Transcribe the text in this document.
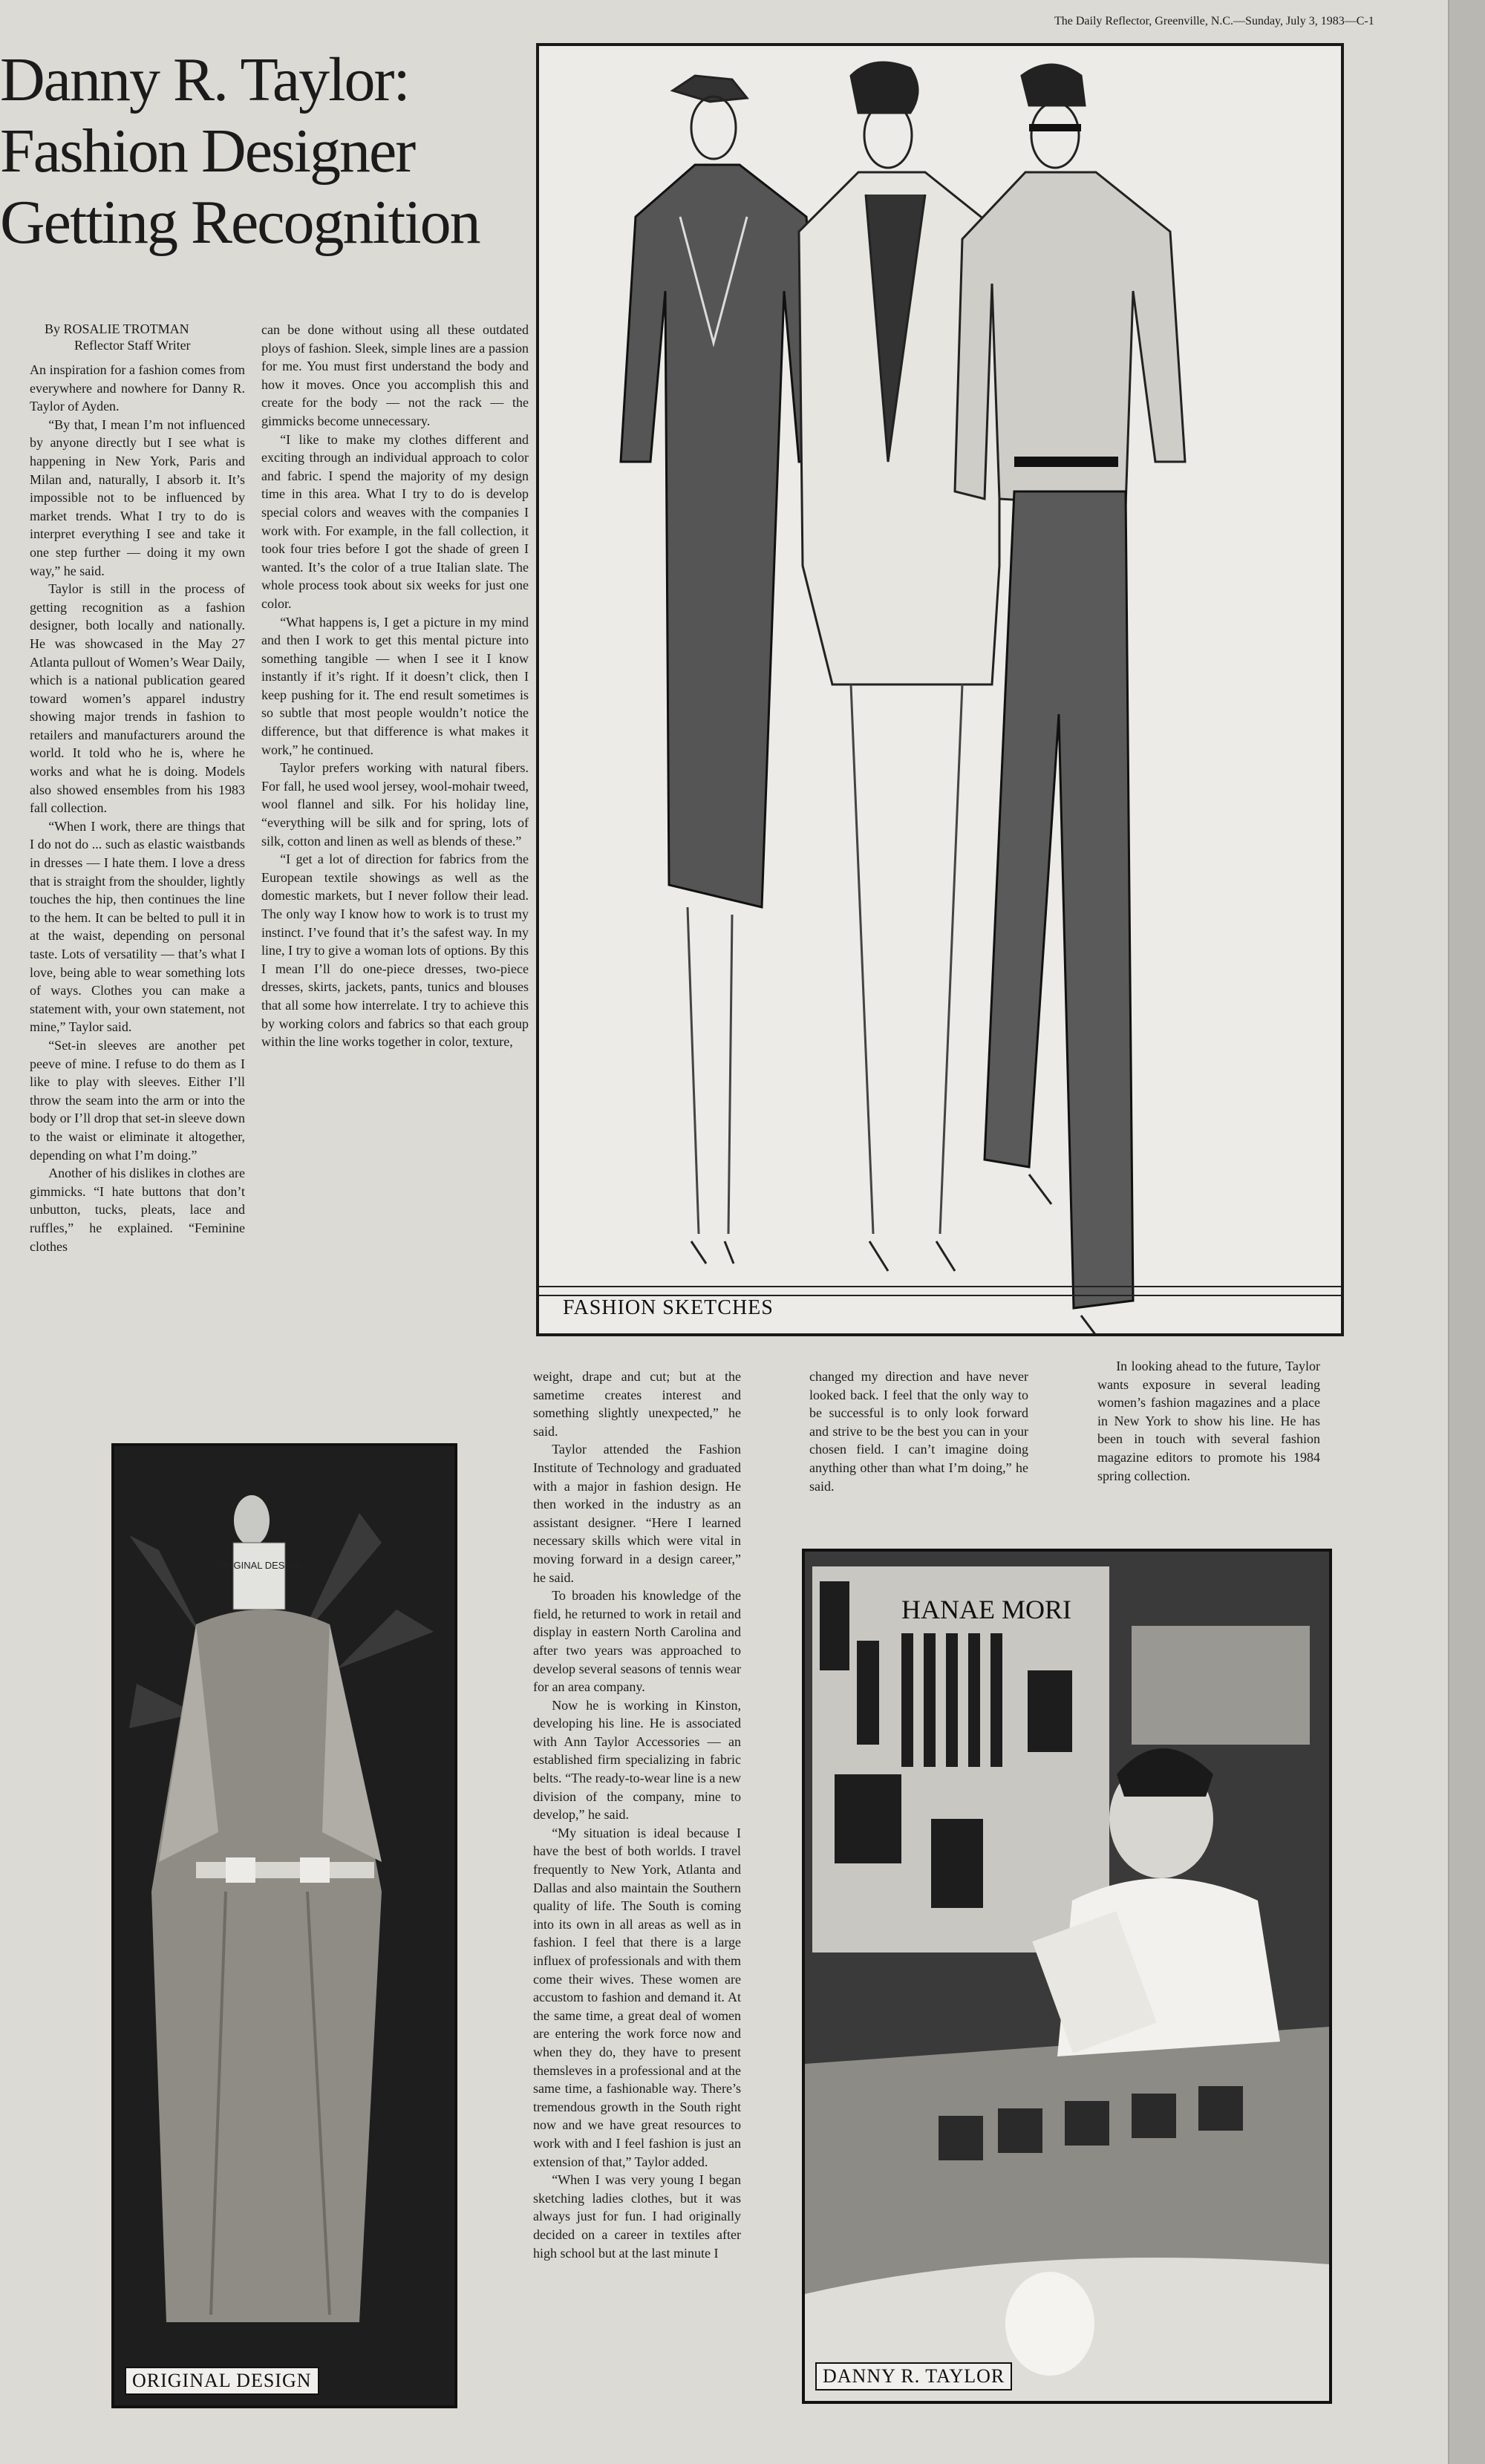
The Daily Reflector, Greenville, N.C.—Sunday, July 3, 1983—C-1
Danny R. Taylor:
Fashion Designer
Getting Recognition
By ROSALIE TROTMAN
Reflector Staff Writer

An inspiration for a fashion comes from everywhere and nowhere for Danny R. Taylor of Ayden.

“By that, I mean I’m not influenced by anyone directly but I see what is happening in New York, Paris and Milan and, naturally, I absorb it. It’s impossible not to be influenced by market trends. What I try to do is interpret everything I see and take it one step further — doing it my own way,” he said.

Taylor is still in the process of getting recognition as a fashion designer, both locally and nationally. He was showcased in the May 27 Atlanta pullout of Women’s Wear Daily, which is a national publication geared toward women’s apparel industry showing major trends in fashion to retailers and manufacturers around the world. It told who he is, where he works and what he is doing. Models also showed ensembles from his 1983 fall collection.

“When I work, there are things that I do not do ... such as elastic waistbands in dresses — I hate them. I love a dress that is straight from the shoulder, lightly touches the hip, then continues the line to the hem. It can be belted to pull it in at the waist, depending on personal taste. Lots of versatility — that’s what I love, being able to wear something lots of ways. Clothes you can make a statement with, your own statement, not mine,” Taylor said.

“Set-in sleeves are another pet peeve of mine. I refuse to do them as I like to play with sleeves. Either I’ll throw the seam into the arm or into the body or I’ll drop that set-in sleeve down to the waist or eliminate it altogether, depending on what I’m doing.”

Another of his dislikes in clothes are gimmicks. “I hate buttons that don’t unbutton, tucks, pleats, lace and ruffles,” he explained. “Feminine clothes

can be done without using all these outdated ploys of fashion. Sleek, simple lines are a passion for me. You must first understand the body and how it moves. Once you accomplish this and create for the body — not the rack — the gimmicks become unnecessary.

“I like to make my clothes different and exciting through an individual approach to color and fabric. I spend the majority of my design time in this area. What I try to do is develop special colors and weaves with the companies I work with. For example, in the fall collection, it took four tries before I got the shade of green I wanted. It’s the color of a true Italian slate. The whole process took about six weeks for just one color.

“What happens is, I get a picture in my mind and then I work to get this mental picture into something tangible — when I see it I know instantly if it’s right. If it doesn’t click, then I keep pushing for it. The end result sometimes is so subtle that most people wouldn’t notice the difference, but that difference is what makes it work,” he continued.

Taylor prefers working with natural fibers. For fall, he used wool jersey, wool-mohair tweed, wool flannel and silk. For his holiday line, “everything will be silk and for spring, lots of silk, cotton and linen as well as blends of these.”

“I get a lot of direction for fabrics from the European textile showings as well as the domestic markets, but I never follow their lead. The only way I know how to work is to trust my instinct. I’ve found that it’s the safest way. In my line, I try to give a woman lots of options. By this I mean I’ll do one-piece dresses, two-piece dresses, skirts, jackets, pants, tunics and blouses that all some how interrelate. I try to achieve this by working colors and fabrics so that each group within the line works together in color, texture,

weight, drape and cut; but at the sametime creates interest and something slightly unexpected,” he said.

Taylor attended the Fashion Institute of Technology and graduated with a major in fashion design. He then worked in the industry as an assistant designer. “Here I learned necessary skills which were vital in moving forward in a design career,” he said.

To broaden his knowledge of the field, he returned to work in retail and display in eastern North Carolina and after two years was approached to develop several seasons of tennis wear for an area company.

Now he is working in Kinston, developing his line. He is associated with Ann Taylor Accessories — an established firm specializing in fabric belts. “The ready-to-wear line is a new division of the company, mine to develop,” he said.

“My situation is ideal because I have the best of both worlds. I travel frequently to New York, Atlanta and Dallas and also maintain the Southern quality of life. The South is coming into its own in all areas as well as in fashion. I feel that there is a large influex of professionals and with them come their wives. These women are accustom to fashion and demand it. At the same time, a great deal of women are entering the work force now and when they do, they have to present themsleves in a professional and at the same time, a fashionable way. There’s tremendous growth in the South right now and we have great resources to work with and I feel fashion is just an extension of that,” Taylor added.

“When I was very young I began sketching ladies clothes, but it was always just for fun. I had originally decided on a career in textiles after high school but at the last minute I

changed my direction and have never looked back. I feel that the only way to be successful is to only look forward and strive to be the best you can in your chosen field. I can’t imagine doing anything other than what I’m doing,” he said.

In looking ahead to the future, Taylor wants exposure in several leading women’s fashion magazines and a place in New York to show his line. He has been in touch with several fashion magazine editors to promote his 1984 spring collection.

FASHION SKETCHES
ORIGINAL DESIGN
ORIGINAL DESIGN
HANAE MORI
DANNY R. TAYLOR
